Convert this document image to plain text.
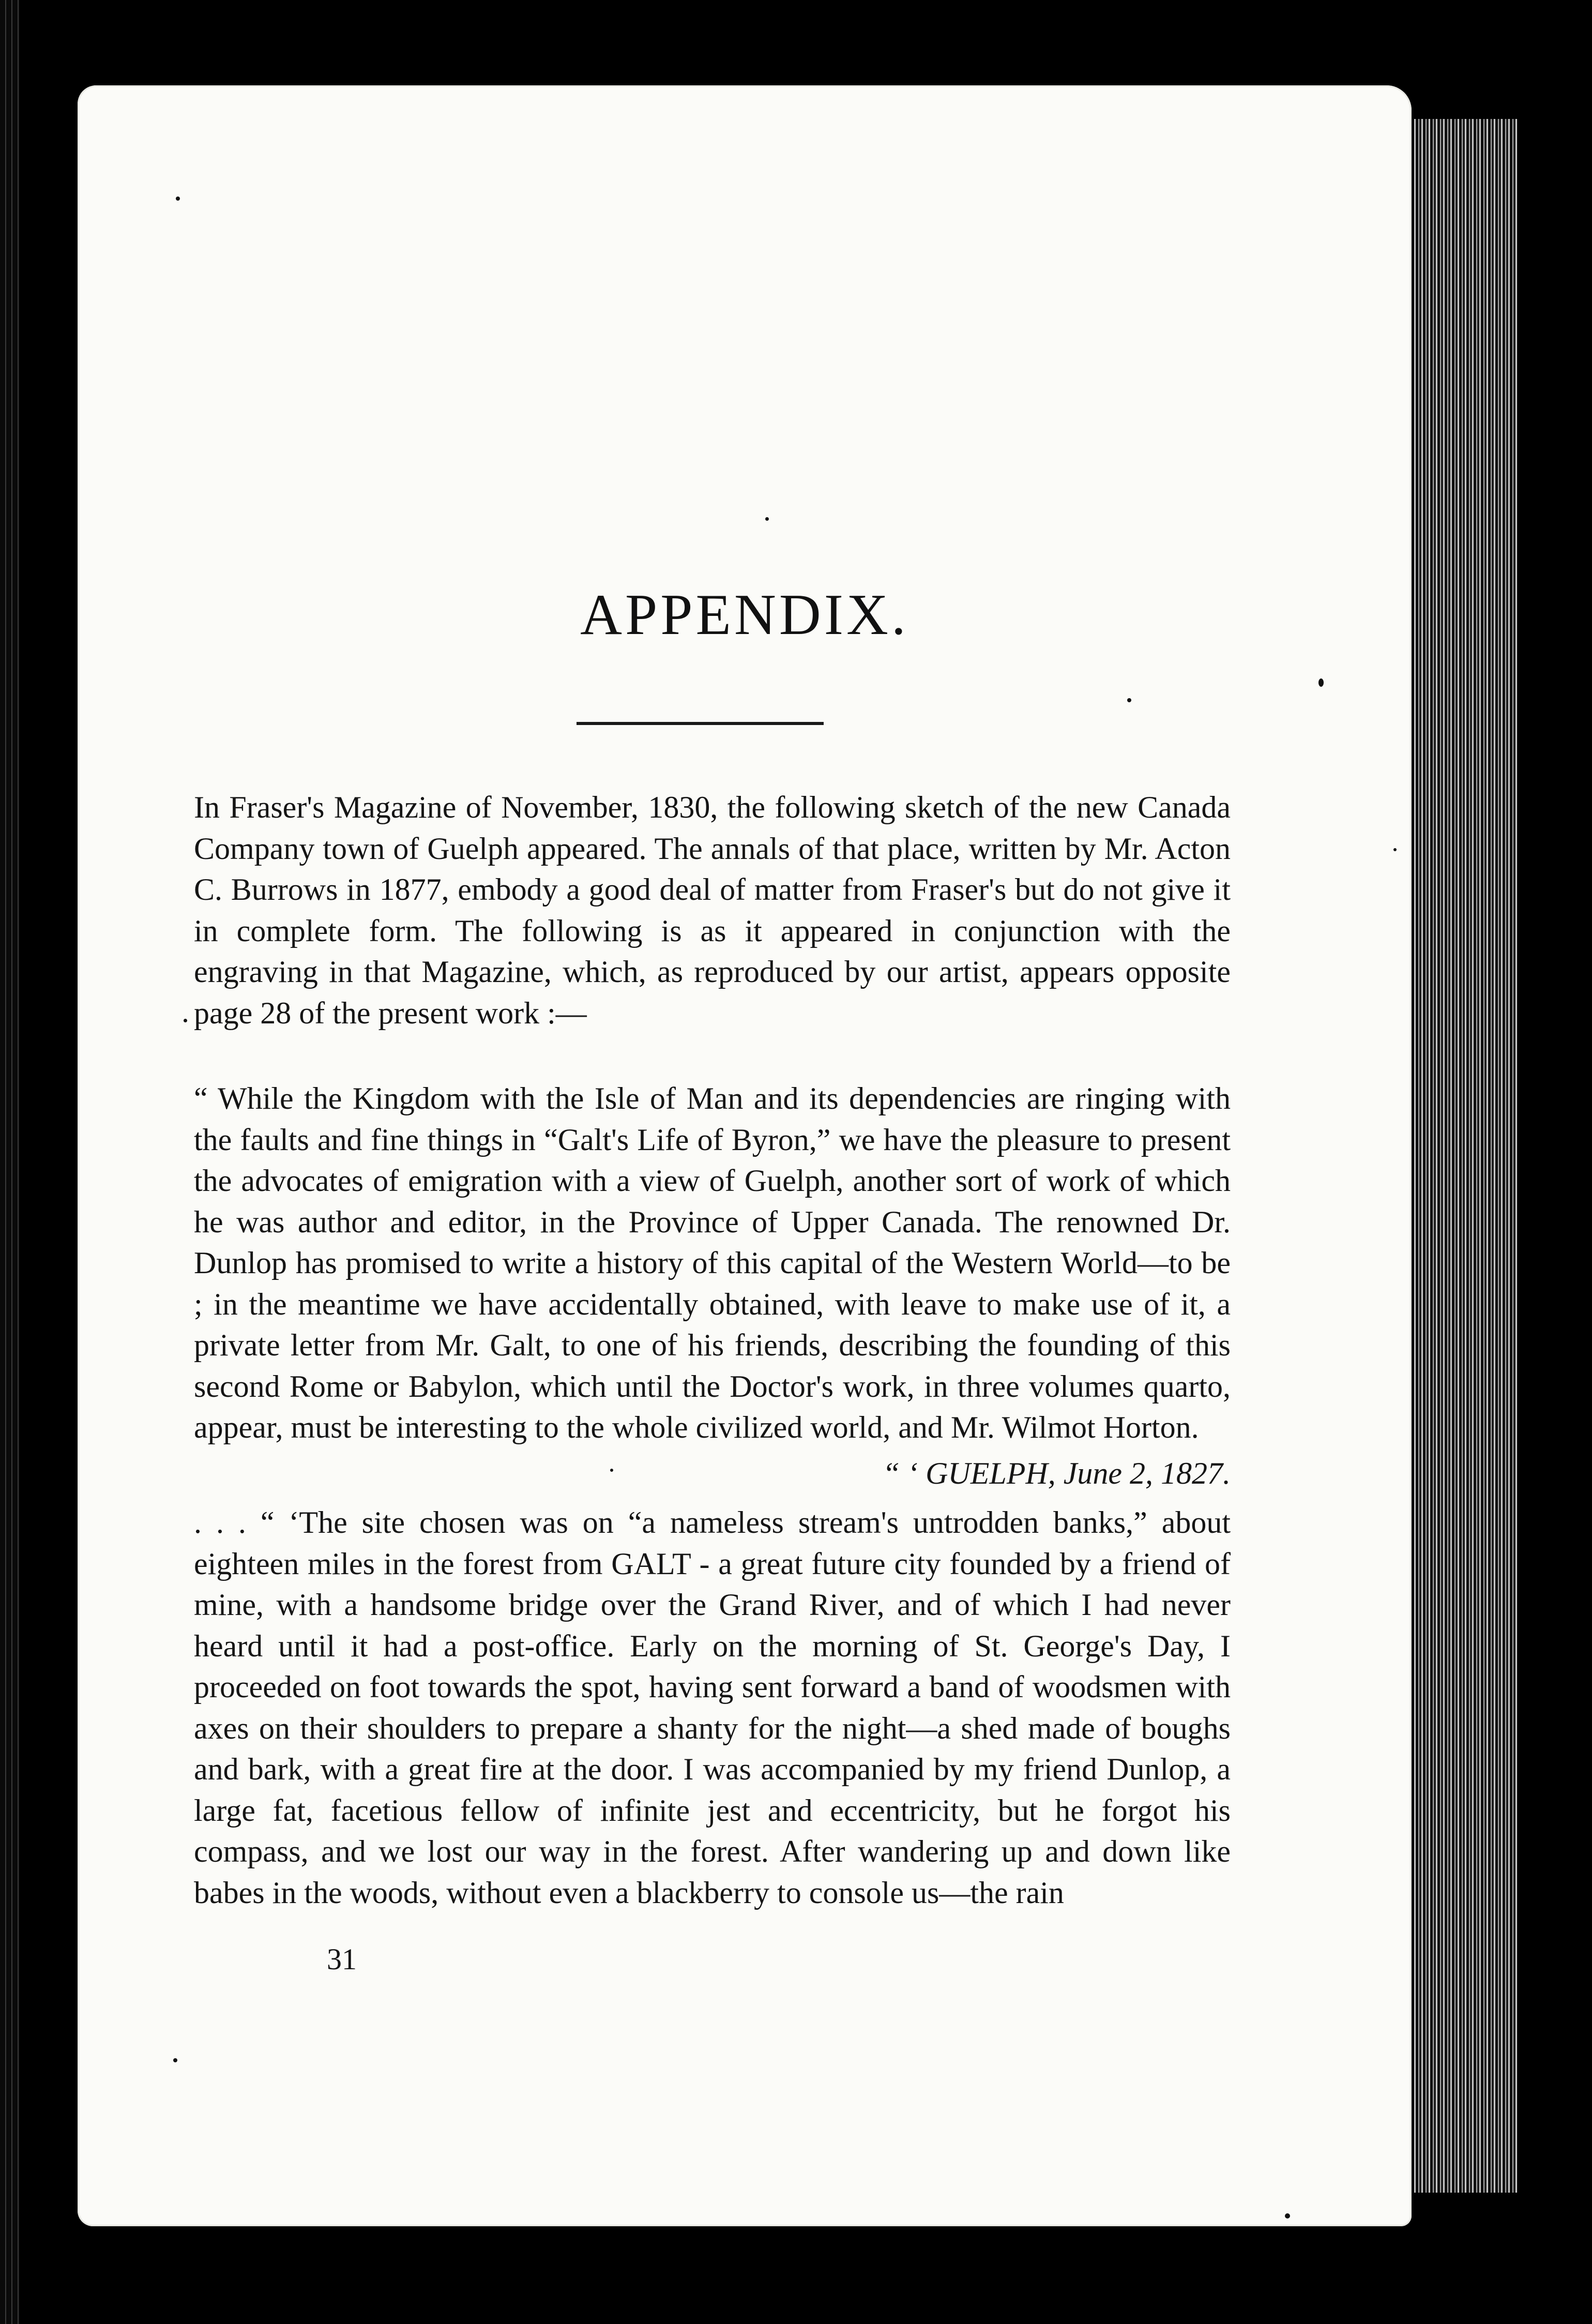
APPENDIX.
In Fraser's Magazine of November, 1830, the following sketch of the new Canada Company town of Guelph appeared. The annals of that place, written by Mr. Acton C. Burrows in 1877, embody a good deal of matter from Fraser's but do not give it in complete form. The following is as it appeared in conjunction with the engraving in that Magazine, which, as reproduced by our artist, appears opposite page 28 of the present work :—
“ While the Kingdom with the Isle of Man and its dependencies are ringing with the faults and fine things in “Galt's Life of Byron,” we have the pleasure to present the advocates of emigration with a view of Guelph, another sort of work of which he was author and editor, in the Province of Upper Canada. The renowned Dr. Dunlop has promised to write a history of this capital of the Western World—to be ; in the meantime we have accidentally obtained, with leave to make use of it, a private letter from Mr. Galt, to one of his friends, describing the founding of this second Rome or Babylon, which until the Doctor's work, in three volumes quarto, appear, must be interesting to the whole civilized world, and Mr. Wilmot Horton.
“ ‘ GUELPH, June 2, 1827.
. . . “ ‘The site chosen was on “a nameless stream's untrodden banks,” about eighteen miles in the forest from GALT - a great future city founded by a friend of mine, with a handsome bridge over the Grand River, and of which I had never heard until it had a post-office. Early on the morning of St. George's Day, I proceeded on foot towards the spot, having sent forward a band of woodsmen with axes on their shoulders to prepare a shanty for the night—a shed made of boughs and bark, with a great fire at the door. I was accompanied by my friend Dunlop, a large fat, facetious fellow of infinite jest and eccentricity, but he forgot his compass, and we lost our way in the forest. After wandering up and down like babes in the woods, without even a blackberry to console us—the rain
31
